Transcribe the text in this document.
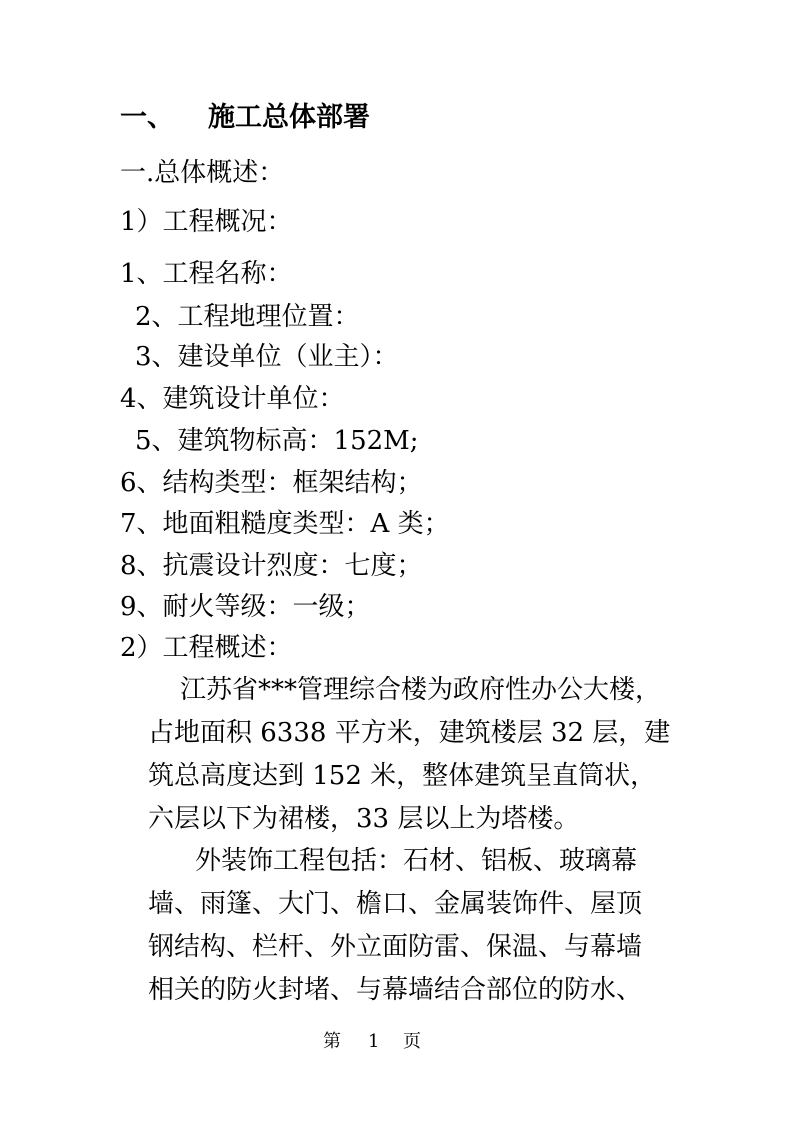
一、 施工总体部署
一.总体概述：
1）工程概况：
1、工程名称：
2、工程地理位置：
3、建设单位（业主）：
4、建筑设计单位：
5、建筑物标高：152M;
6、结构类型：框架结构；
7、地面粗糙度类型：A 类；
8、抗震设计烈度：七度；
9、耐火等级：一级；
2）工程概述：
江苏省***管理综合楼为政府性办公大楼，
占地面积 6338 平方米，建筑楼层 32 层，建
筑总高度达到 152 米，整体建筑呈直筒状，
六层以下为裙楼，33 层以上为塔楼。
外装饰工程包括：石材、铝板、玻璃幕
墙、雨篷、大门、檐口、金属装饰件、屋顶
钢结构、栏杆、外立面防雷、保温、与幕墙
相关的防火封堵、与幕墙结合部位的防水、
第 1 页
